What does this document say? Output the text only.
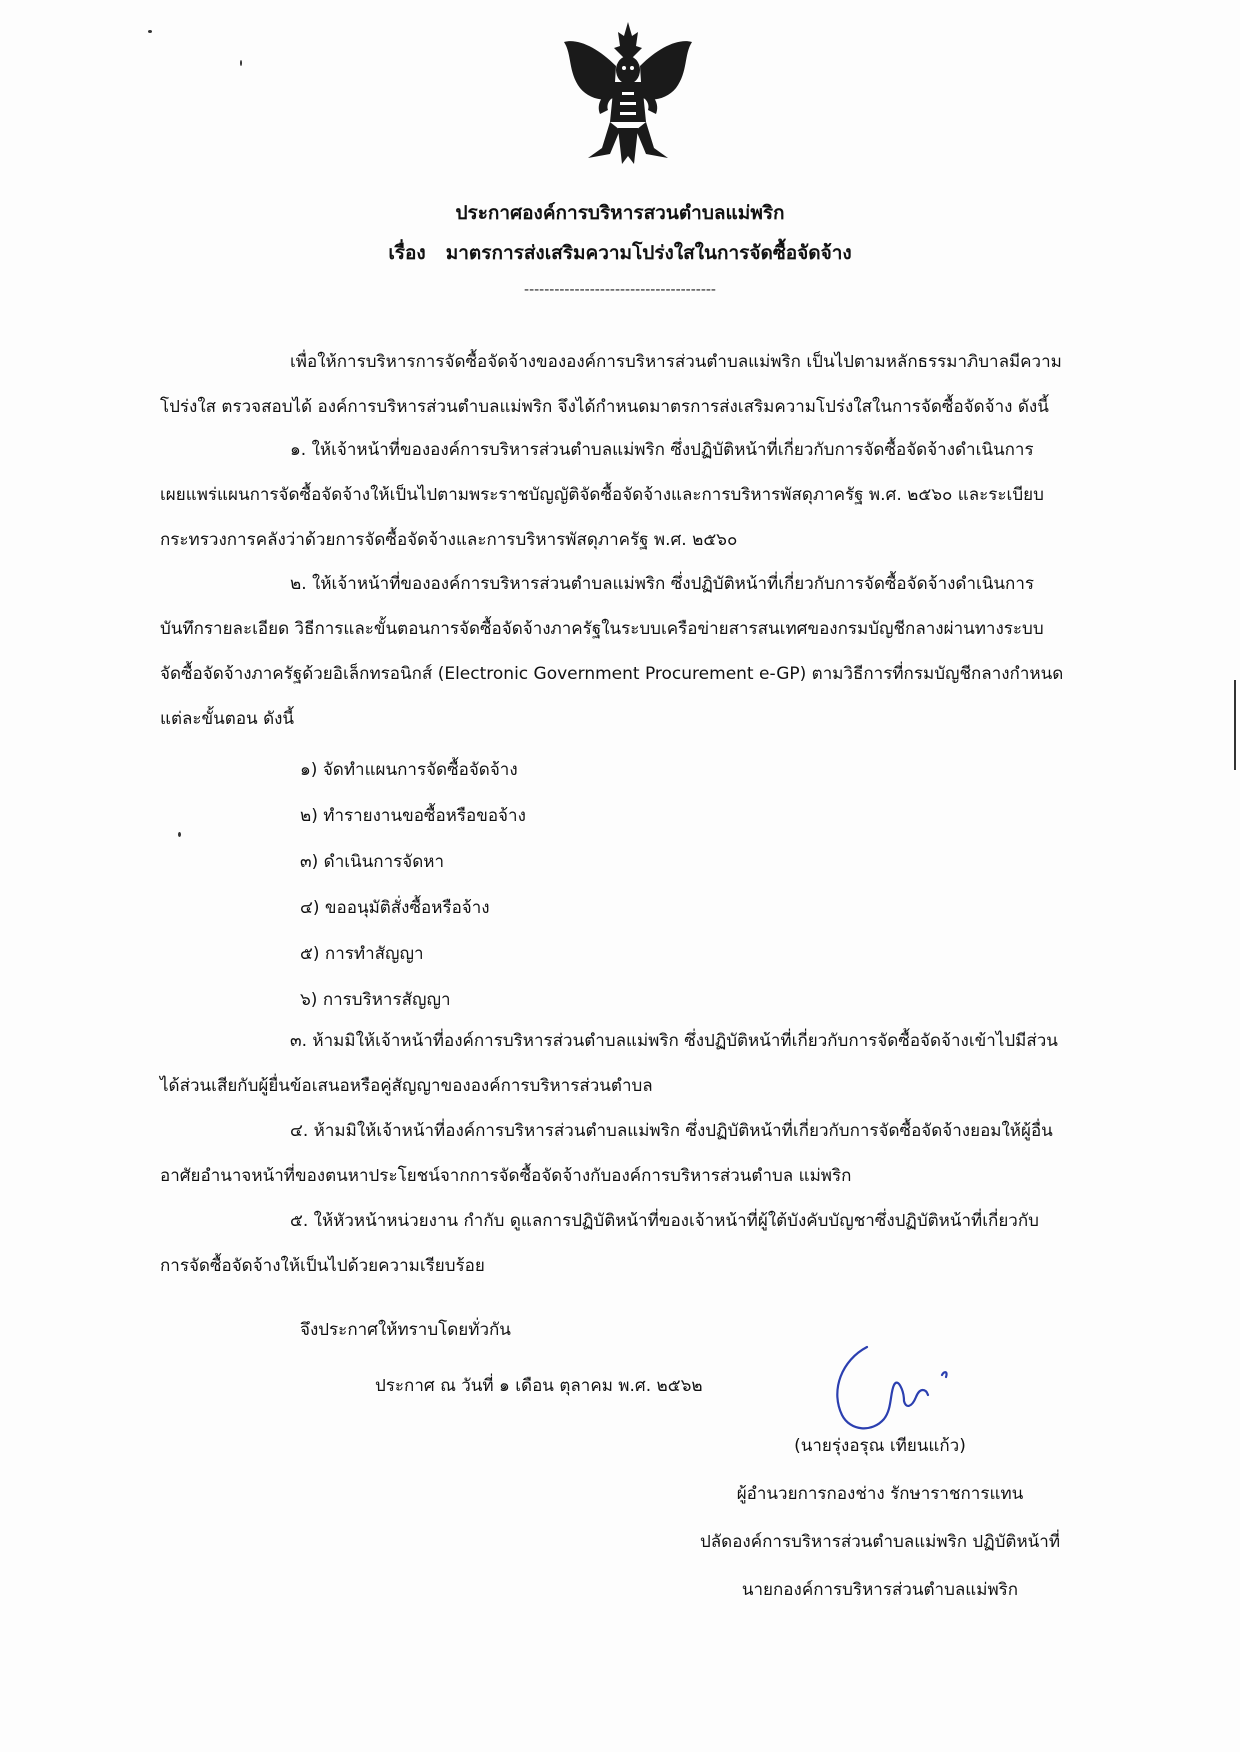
ประกาศองค์การบริหารสวนตำบลแม่พริก
เรื่อง มาตรการส่งเสริมความโปร่งใสในการจัดซื้อจัดจ้าง
--------------------------------------
เพื่อให้การบริหารการจัดซื้อจัดจ้างขององค์การบริหารส่วนตำบลแม่พริก เป็นไปตามหลักธรรมาภิบาลมีความ
โปร่งใส ตรวจสอบได้ องค์การบริหารส่วนตำบลแม่พริก จึงได้กำหนดมาตรการส่งเสริมความโปร่งใสในการจัดซื้อจัดจ้าง ดังนี้
๑. ให้เจ้าหน้าที่ขององค์การบริหารส่วนตำบลแม่พริก ซึ่งปฏิบัติหน้าที่เกี่ยวกับการจัดซื้อจัดจ้างดำเนินการ
เผยแพร่แผนการจัดซื้อจัดจ้างให้เป็นไปตามพระราชบัญญัติจัดซื้อจัดจ้างและการบริหารพัสดุภาครัฐ พ.ศ. ๒๕๖๐ และระเบียบ
กระทรวงการคลังว่าด้วยการจัดซื้อจัดจ้างและการบริหารพัสดุภาครัฐ พ.ศ. ๒๕๖๐
๒. ให้เจ้าหน้าที่ขององค์การบริหารส่วนตำบลแม่พริก ซึ่งปฏิบัติหน้าที่เกี่ยวกับการจัดซื้อจัดจ้างดำเนินการ
บันทึกรายละเอียด วิธีการและขั้นตอนการจัดซื้อจัดจ้างภาครัฐในระบบเครือข่ายสารสนเทศของกรมบัญชีกลางผ่านทางระบบ
จัดซื้อจัดจ้างภาครัฐด้วยอิเล็กทรอนิกส์ (Electronic Government Procurement e-GP) ตามวิธีการที่กรมบัญชีกลางกำหนด
แต่ละขั้นตอน ดังนี้
๑) จัดทำแผนการจัดซื้อจัดจ้าง
๒) ทำรายงานขอซื้อหรือขอจ้าง
๓) ดำเนินการจัดหา
๔) ขออนุมัติสั่งซื้อหรือจ้าง
๕) การทำสัญญา
๖) การบริหารสัญญา
๓. ห้ามมิให้เจ้าหน้าที่องค์การบริหารส่วนตำบลแม่พริก ซึ่งปฏิบัติหน้าที่เกี่ยวกับการจัดซื้อจัดจ้างเข้าไปมีส่วน
ได้ส่วนเสียกับผู้ยื่นข้อเสนอหรือคู่สัญญาขององค์การบริหารส่วนตำบล
๔. ห้ามมิให้เจ้าหน้าที่องค์การบริหารส่วนตำบลแม่พริก ซึ่งปฏิบัติหน้าที่เกี่ยวกับการจัดซื้อจัดจ้างยอมให้ผู้อื่น
อาศัยอำนาจหน้าที่ของตนหาประโยชน์จากการจัดซื้อจัดจ้างกับองค์การบริหารส่วนตำบล แม่พริก
๕. ให้หัวหน้าหน่วยงาน กำกับ ดูแลการปฏิบัติหน้าที่ของเจ้าหน้าที่ผู้ใต้บังคับบัญชาซึ่งปฏิบัติหน้าที่เกี่ยวกับ
การจัดซื้อจัดจ้างให้เป็นไปด้วยความเรียบร้อย
จึงประกาศให้ทราบโดยทั่วกัน
ประกาศ ณ วันที่ ๑ เดือน ตุลาคม พ.ศ. ๒๕๖๒
(นายรุ่งอรุณ เทียนแก้ว)
ผู้อำนวยการกองช่าง รักษาราชการแทน
ปลัดองค์การบริหารส่วนตำบลแม่พริก ปฏิบัติหน้าที่
นายกองค์การบริหารส่วนตำบลแม่พริก
